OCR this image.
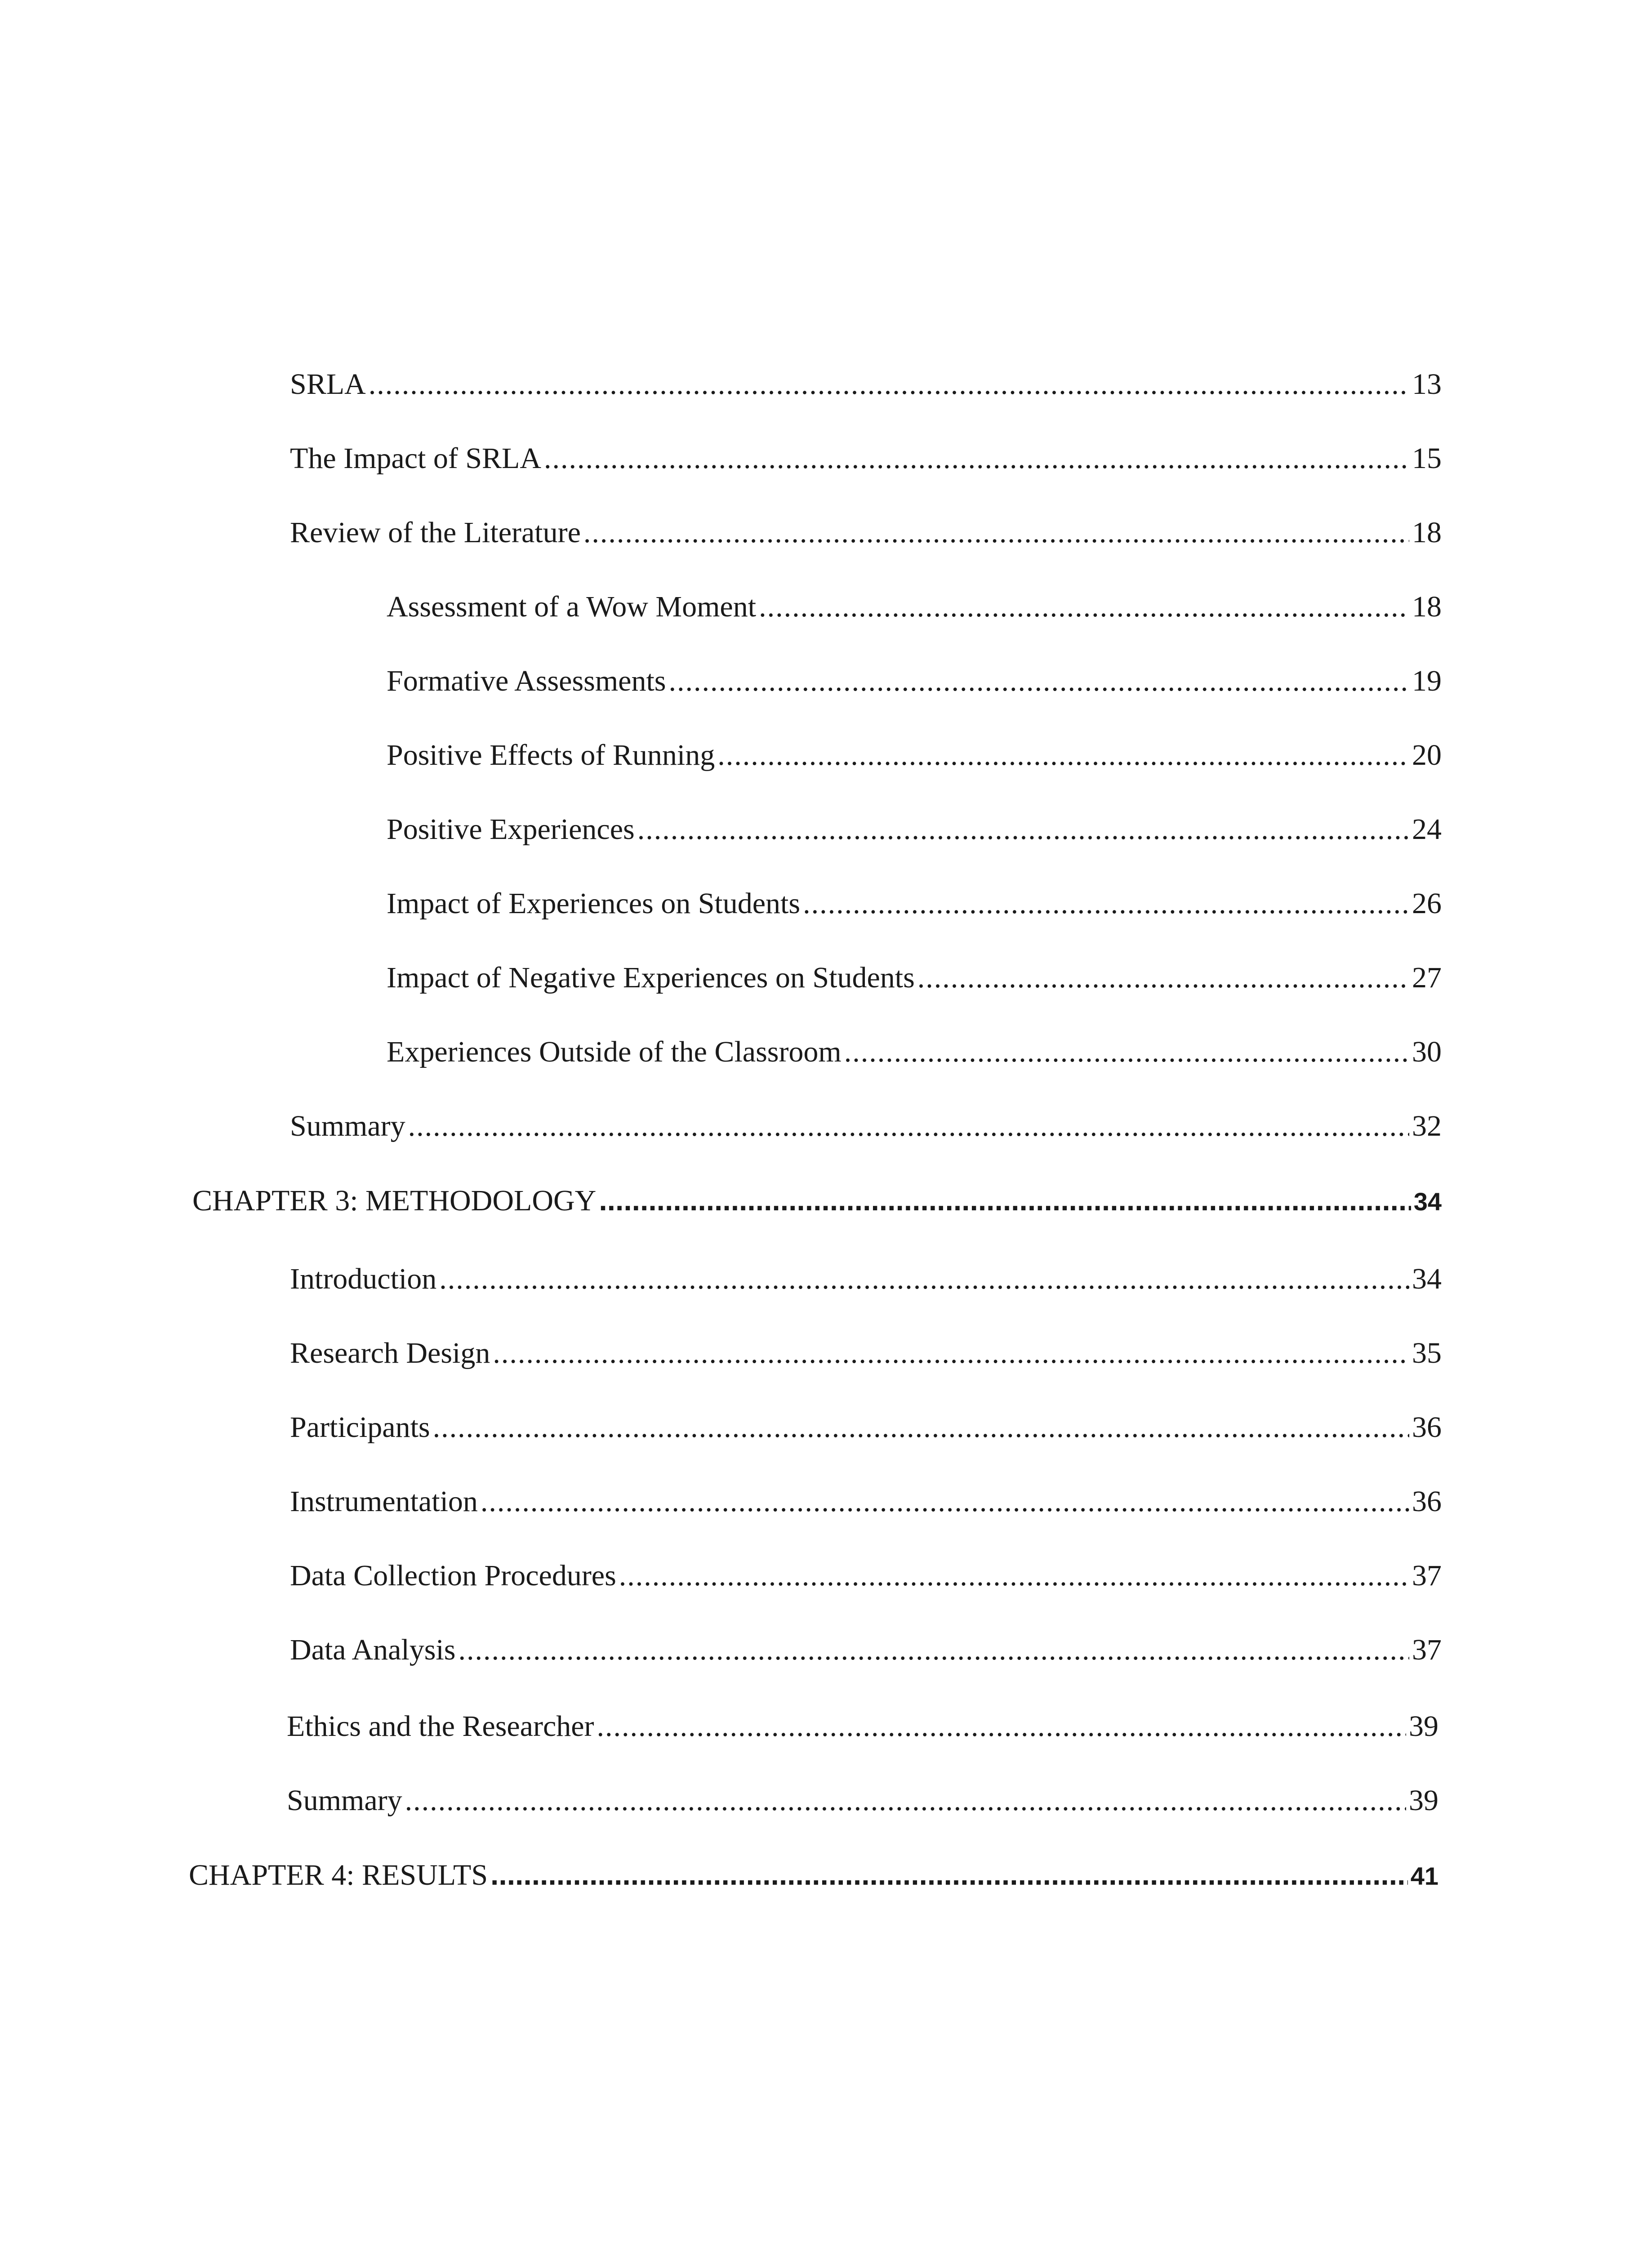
SRLA .....	13
The Impact of SRLA .....	15
Review of the Literature .....	18
Assessment of a Wow Moment .....	18
Formative Assessments .....	19
Positive Effects of Running .....	20
Positive Experiences .....	24
Impact of Experiences on Students .....	26
Impact of Negative Experiences on Students .....	27
Experiences Outside of the Classroom .....	30
Summary .....	32
CHAPTER 3: METHODOLOGY .....	34
Introduction .....	34
Research Design .....	35
Participants .....	36
Instrumentation .....	36
Data Collection Procedures .....	37
Data Analysis .....	37
Ethics and the Researcher .....	39
Summary .....	39
CHAPTER 4: RESULTS .....	41
